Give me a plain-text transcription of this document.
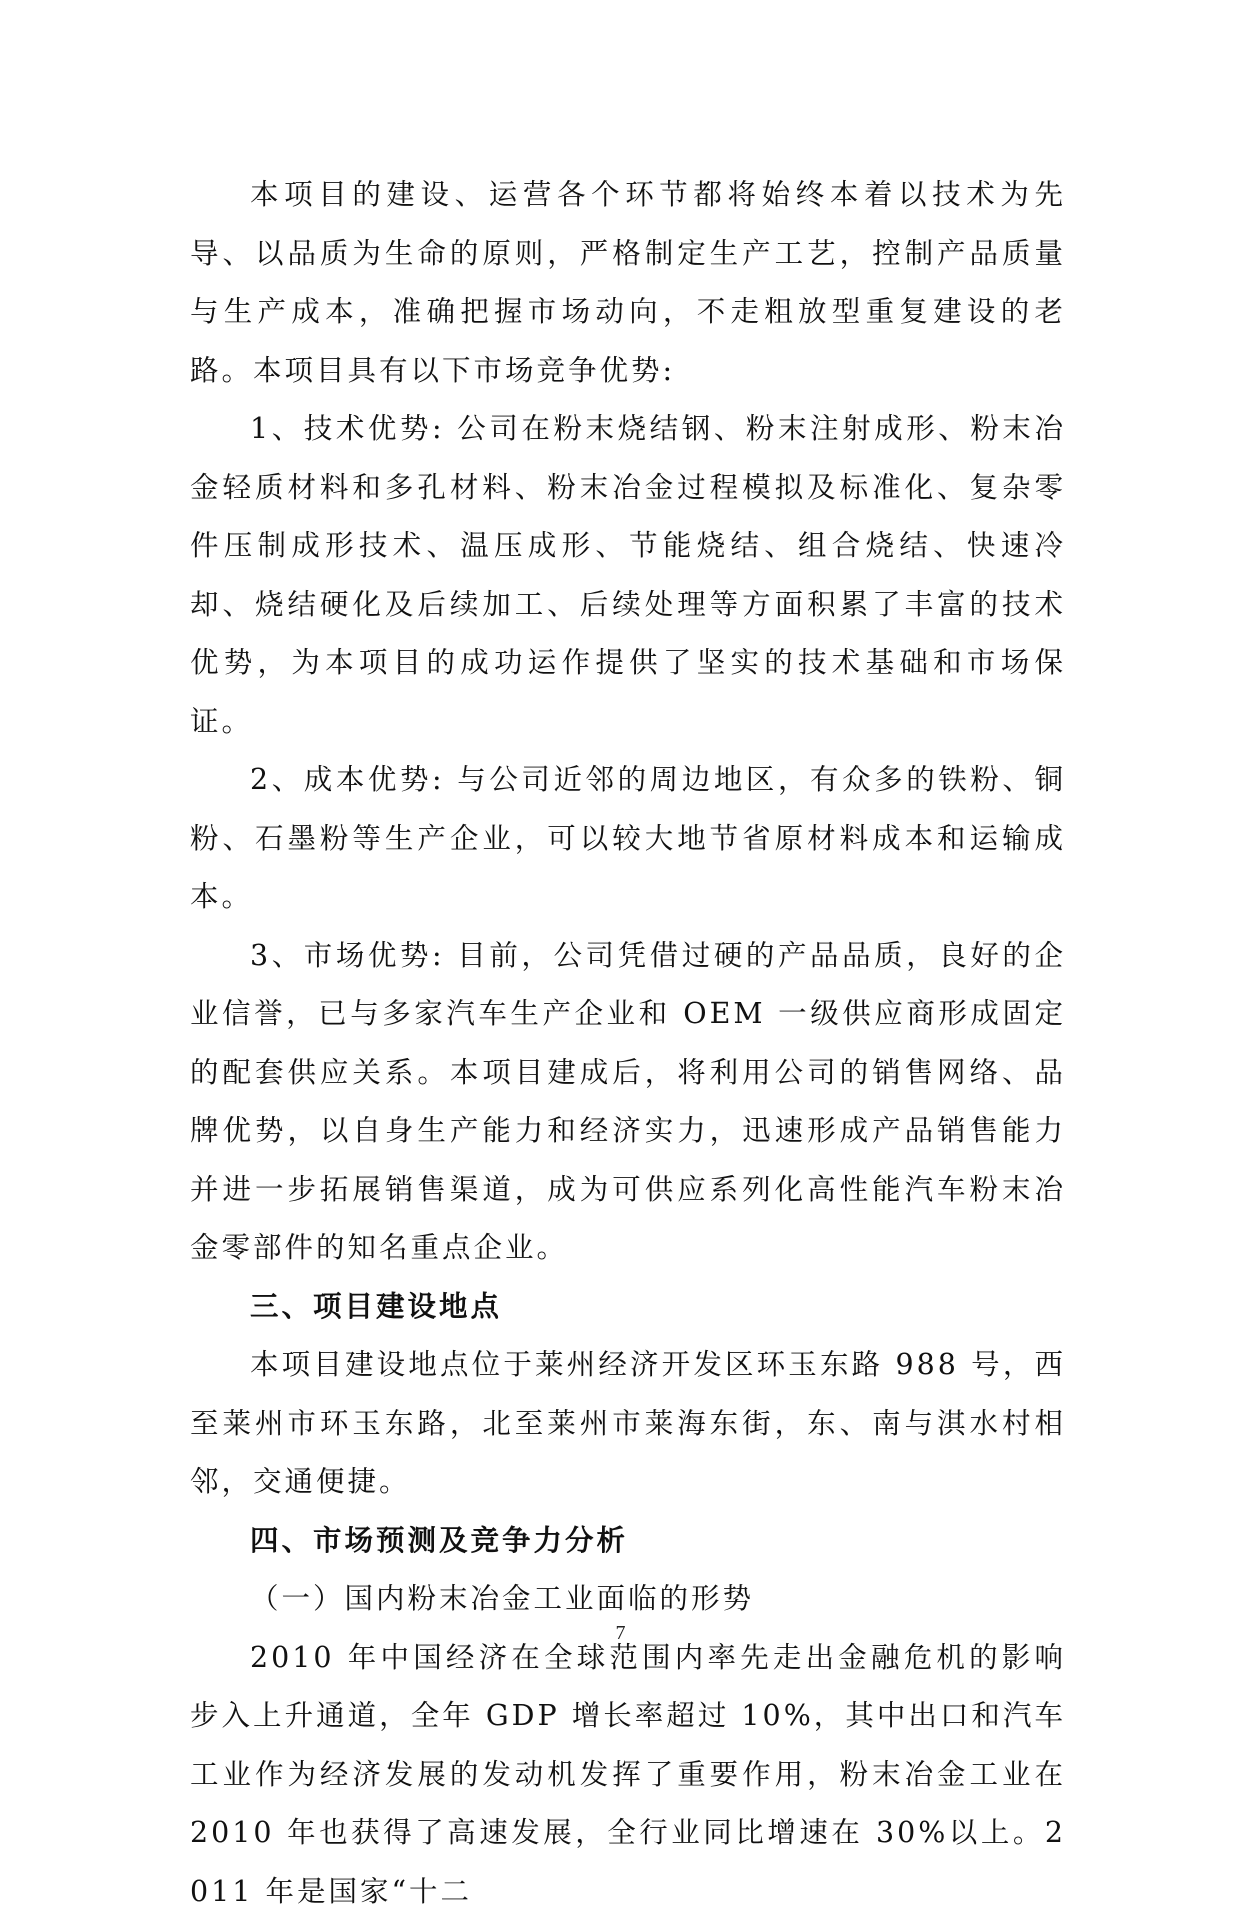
本项目的建设、运营各个环节都将始终本着以技术为先导、以品质为生命的原则，严格制定生产工艺，控制产品质量与生产成本，准确把握市场动向，不走粗放型重复建设的老路。本项目具有以下市场竞争优势:

1、技术优势: 公司在粉末烧结钢、粉末注射成形、粉末冶金轻质材料和多孔材料、粉末冶金过程模拟及标准化、复杂零件压制成形技术、温压成形、节能烧结、组合烧结、快速冷却、烧结硬化及后续加工、后续处理等方面积累了丰富的技术优势，为本项目的成功运作提供了坚实的技术基础和市场保证。

2、成本优势: 与公司近邻的周边地区，有众多的铁粉、铜粉、石墨粉等生产企业，可以较大地节省原材料成本和运输成本。

3、市场优势: 目前，公司凭借过硬的产品品质，良好的企业信誉，已与多家汽车生产企业和 OEM 一级供应商形成固定的配套供应关系。本项目建成后，将利用公司的销售网络、品牌优势，以自身生产能力和经济实力，迅速形成产品销售能力并进一步拓展销售渠道，成为可供应系列化高性能汽车粉末冶金零部件的知名重点企业。

三、项目建设地点

本项目建设地点位于莱州经济开发区环玉东路 988 号，西至莱州市环玉东路，北至莱州市莱海东街，东、南与淇水村相邻，交通便捷。

四、市场预测及竞争力分析

（一）国内粉末冶金工业面临的形势

2010 年中国经济在全球范围内率先走出金融危机的影响步入上升通道，全年 GDP 增长率超过 10%，其中出口和汽车工业作为经济发展的发动机发挥了重要作用，粉末冶金工业在 2010 年也获得了高速发展，全行业同比增速在 30%以上。2011 年是国家“十二

7
